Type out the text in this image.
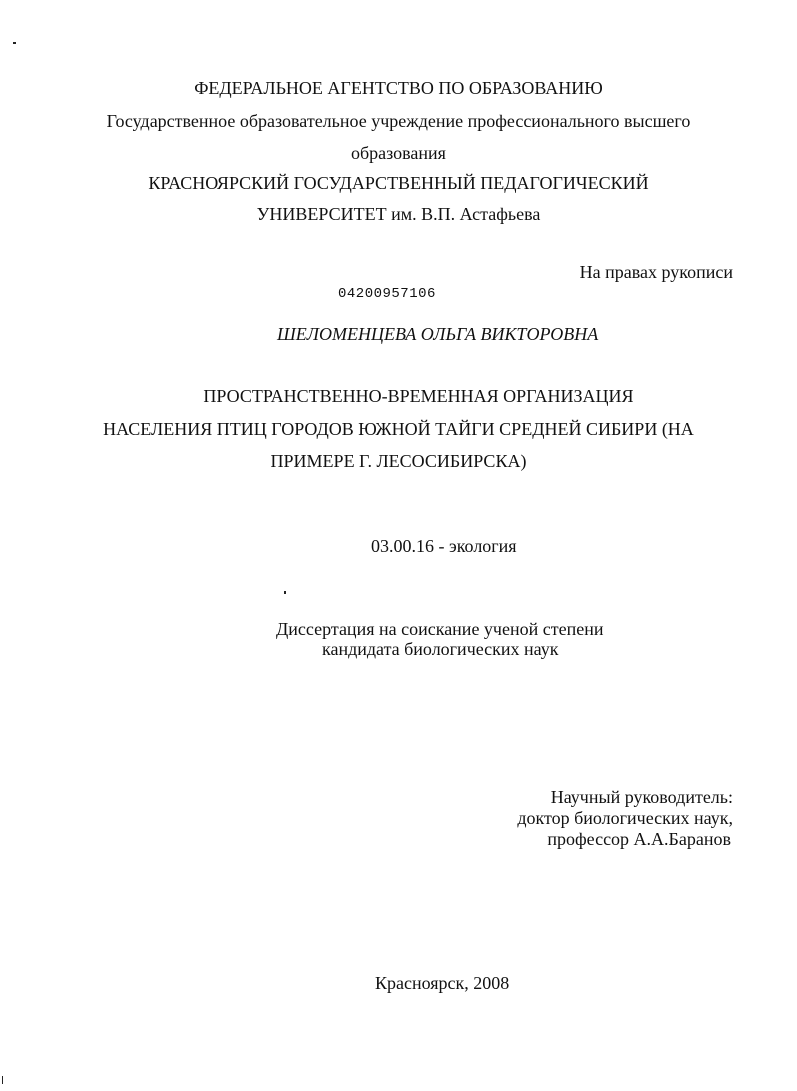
ФЕДЕРАЛЬНОЕ АГЕНТСТВО ПО ОБРАЗОВАНИЮ
Государственное образовательное учреждение профессионального высшего
образования
КРАСНОЯРСКИЙ ГОСУДАРСТВЕННЫЙ ПЕДАГОГИЧЕСКИЙ
УНИВЕРСИТЕТ им. В.П. Астафьева
На правах рукописи
04200957106
ШЕЛОМЕНЦЕВА ОЛЬГА ВИКТОРОВНА
ПРОСТРАНСТВЕННО-ВРЕМЕННАЯ ОРГАНИЗАЦИЯ
НАСЕЛЕНИЯ ПТИЦ ГОРОДОВ ЮЖНОЙ ТАЙГИ СРЕДНЕЙ СИБИРИ (НА
ПРИМЕРЕ Г. ЛЕСОСИБИРСКА)
03.00.16 - экология
Диссертация на соискание ученой степени
кандидата биологических наук
Научный руководитель:
доктор биологических наук,
профессор А.А.Баранов
Красноярск, 2008
